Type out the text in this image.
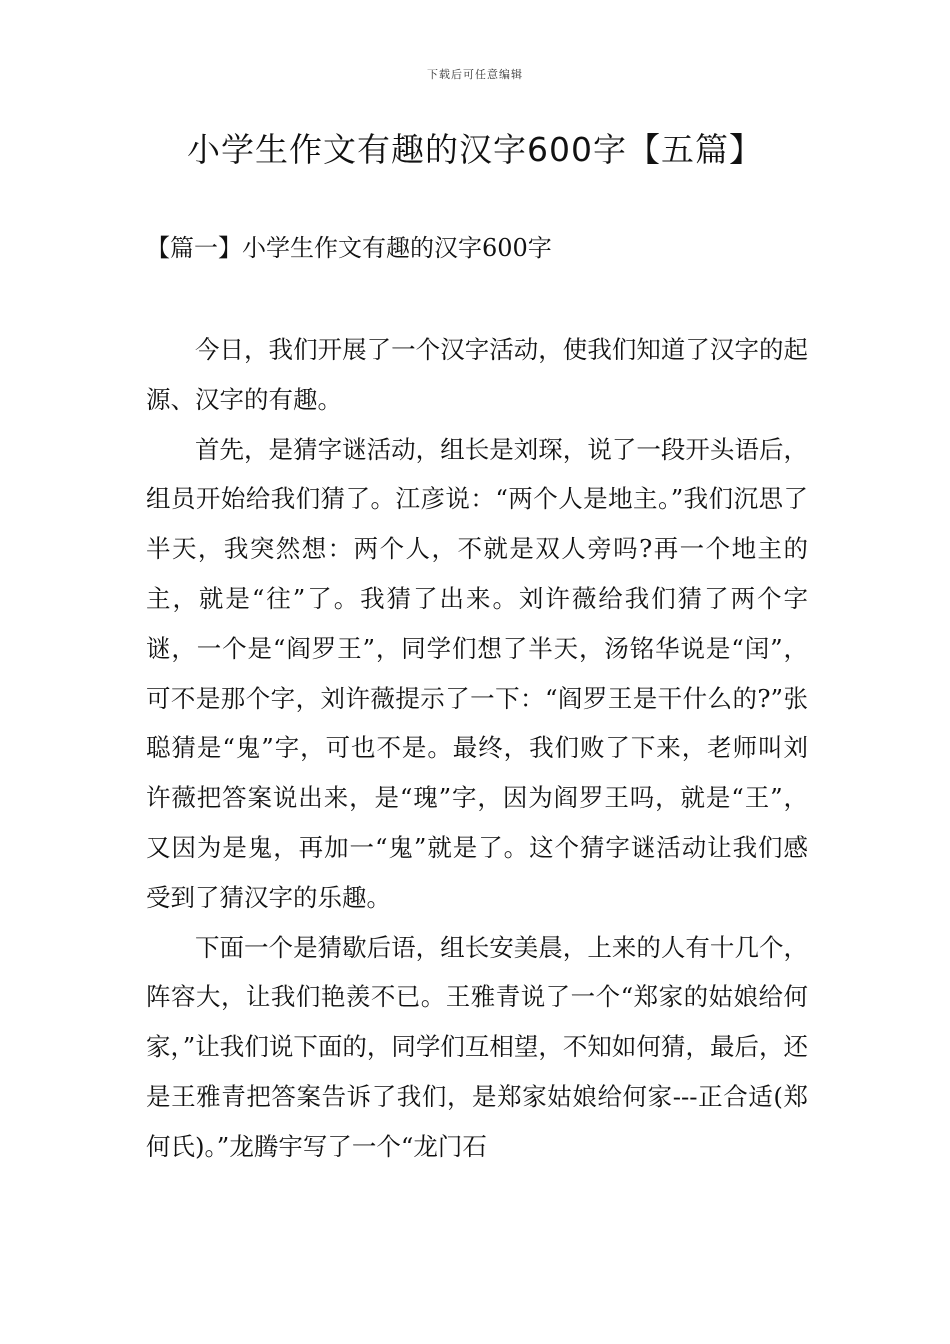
下载后可任意编辑
小学生作文有趣的汉字600字【五篇】
【篇一】小学生作文有趣的汉字600字

今日，我们开展了一个汉字活动，使我们知道了汉字的起源、汉字的有趣。

首先，是猜字谜活动，组长是刘琛，说了一段开头语后，组员开始给我们猜了。江彦说：“两个人是地主。”我们沉思了半天，我突然想：两个人，不就是双人旁吗?再一个地主的主，就是“往”了。我猜了出来。刘许薇给我们猜了两个字谜，一个是“阎罗王”，同学们想了半天，汤铭华说是“闰”，可不是那个字，刘许薇提示了一下：“阎罗王是干什么的?”张聪猜是“鬼”字，可也不是。最终，我们败了下来，老师叫刘许薇把答案说出来，是“瑰”字，因为阎罗王吗，就是“王”，又因为是鬼，再加一“鬼”就是了。这个猜字谜活动让我们感受到了猜汉字的乐趣。

下面一个是猜歇后语，组长安美晨，上来的人有十几个，阵容大，让我们艳羡不已。王雅青说了一个“郑家的姑娘给何家，”让我们说下面的，同学们互相望，不知如何猜，最后，还是王雅青把答案告诉了我们，是郑家姑娘给何家---正合适(郑何氏)。”龙腾宇写了一个“龙门石
